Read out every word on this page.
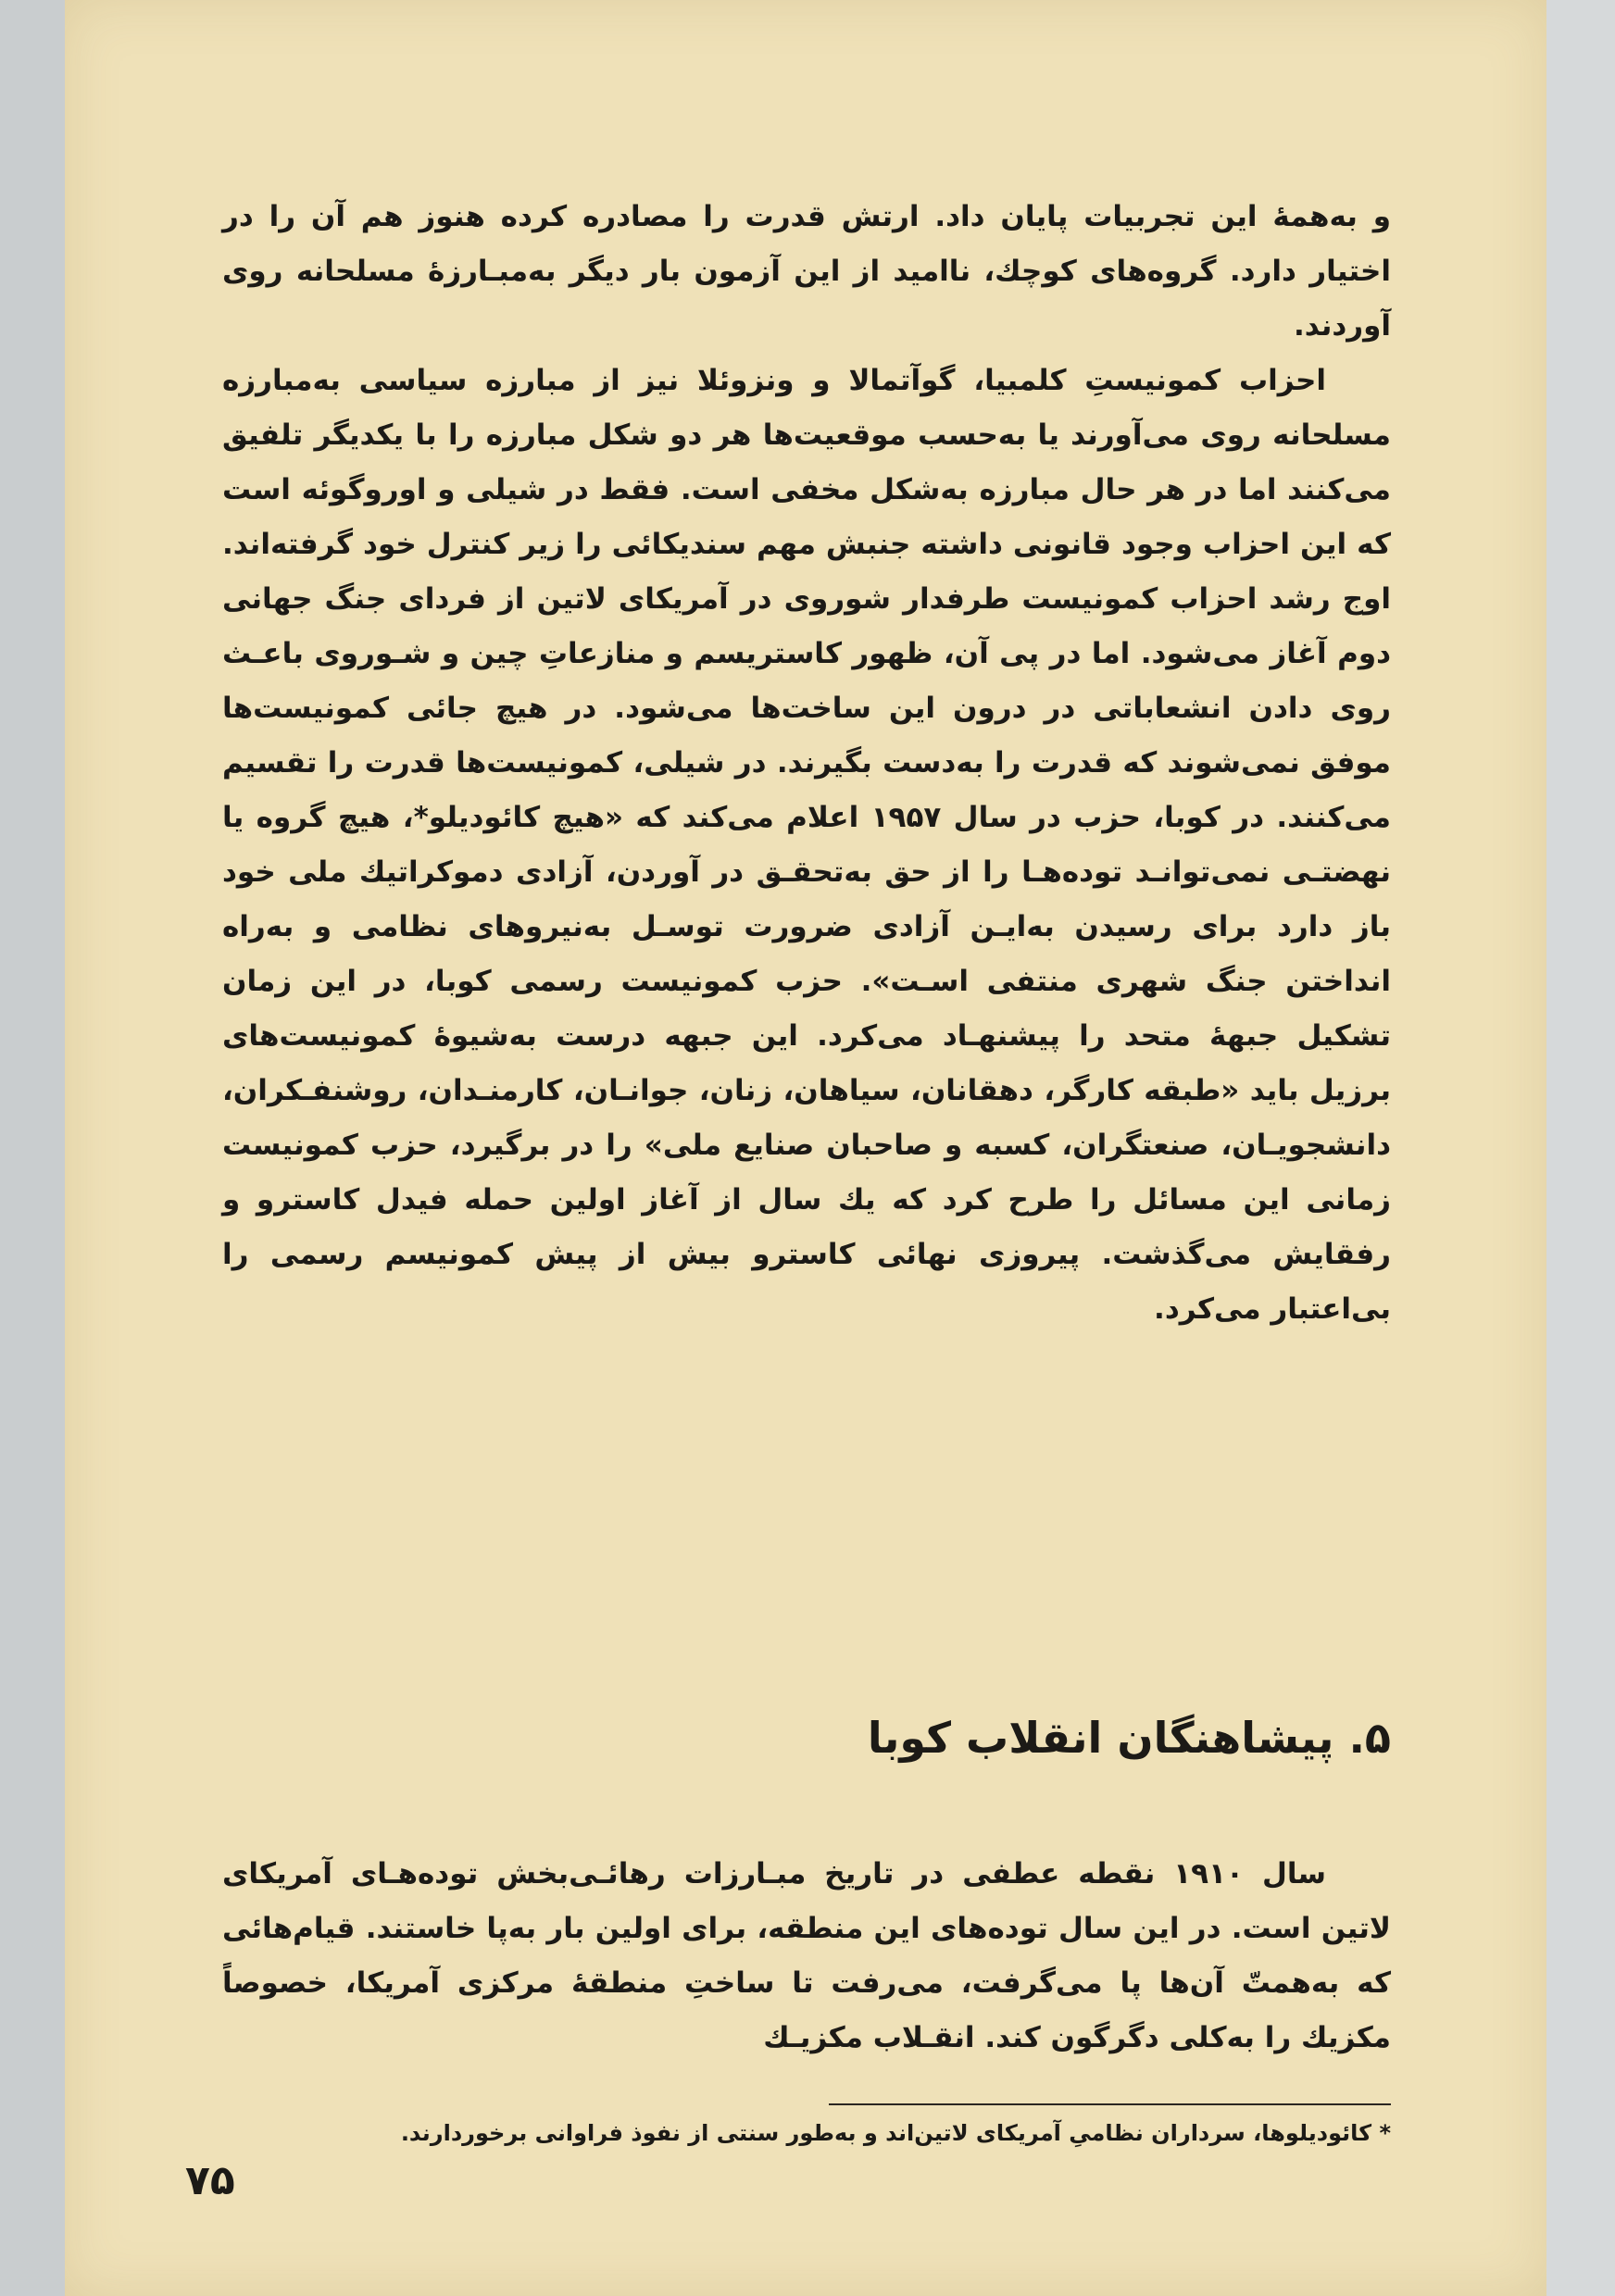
و به‌همهٔ این تجربیات پایان داد. ارتش قدرت را مصادره کرده هنوز هم آن را در اختیار دارد. گروه‌های کوچك، ناامید از این آزمون بار دیگر به‌مبـارزهٔ مسلحانه روی آوردند.

احزاب کمونیستِ کلمبیا، گوآتمالا و ونزوئلا نیز از مبارزه سیاسی به‌مبارزه مسلحانه روی می‌آورند یا به‌حسب موقعیت‌ها هر دو شکل مبارزه را با یکدیگر تلفیق می‌کنند اما در هر حال مبارزه به‌شکل مخفی است. فقط در شیلی و اوروگوئه است که این احزاب وجود قانونی داشته جنبش مهم سندیکائی را زیر کنترل خود گرفته‌اند. اوج رشد احزاب کمونیست طرفدار شوروی در آمریکای لاتین از فردای جنگ جهانی دوم آغاز می‌شود. اما در پی آن، ظهور کاستریسم و منازعاتِ چین و شـوروی باعـث روی دادن انشعاباتی در درون این ساخت‌ها می‌شود. در هیچ جائی کمونیست‌ها موفق نمی‌شوند که قدرت را به‌دست بگیرند. در شیلی، کمونیست‌ها قدرت را تقسیم می‌کنند. در کوبا، حزب در سال ۱۹۵۷ اعلام می‌کند که «هیچ کائودیلو*، هیچ گروه یا نهضتـی نمی‌توانـد توده‌هـا را از حق به‌تحقـق در آوردن، آزادی دموکراتیك ملی خود باز دارد برای رسیدن به‌ایـن آزادی ضرورت توسـل به‌نیروهای نظامی و به‌راه انداختن جنگ شهری منتفی اسـت». حزب کمونیست رسمی کوبا، در این زمان تشکیل جبههٔ متحد را پیشنهـاد می‌کرد. این جبهه درست به‌شیوهٔ کمونیست‌های برزیل باید «طبقه کارگر، دهقانان، سیاهان، زنان، جوانـان، کارمنـدان، روشنفـکران، دانشجویـان، صنعتگران، کسبه و صاحبان صنایع ملی» را در برگیرد، حزب کمونیست زمانی این مسائل را طرح کرد که یك سال از آغاز اولین حمله فیدل کاسترو و رفقایش می‌گذشت. پیروزی نهائی کاسترو بیش از پیش کمونیسم رسمی را بی‌اعتبار می‌کرد.

۵. پیشاهنگان انقلاب کوبا

سال ۱۹۱۰ نقطه عطفی در تاریخ مبـارزات رهائـی‌بخش توده‌هـای آمریکای لاتین است. در این سال توده‌های این منطقه، برای اولین بار به‌پا خاستند. قیام‌هائی که به‌همتّ آن‌ها پا می‌گرفت، می‌رفت تا ساختِ منطقهٔ مرکزی آمریکا، خصوصاً مکزیك را به‌کلی دگرگون کند. انقـلاب مکزیـك

* کائودیلوها، سرداران نظامیِ آمریکای لاتین‌اند و به‌طور سنتی از نفوذ فراوانی برخوردارند.
۷۵
